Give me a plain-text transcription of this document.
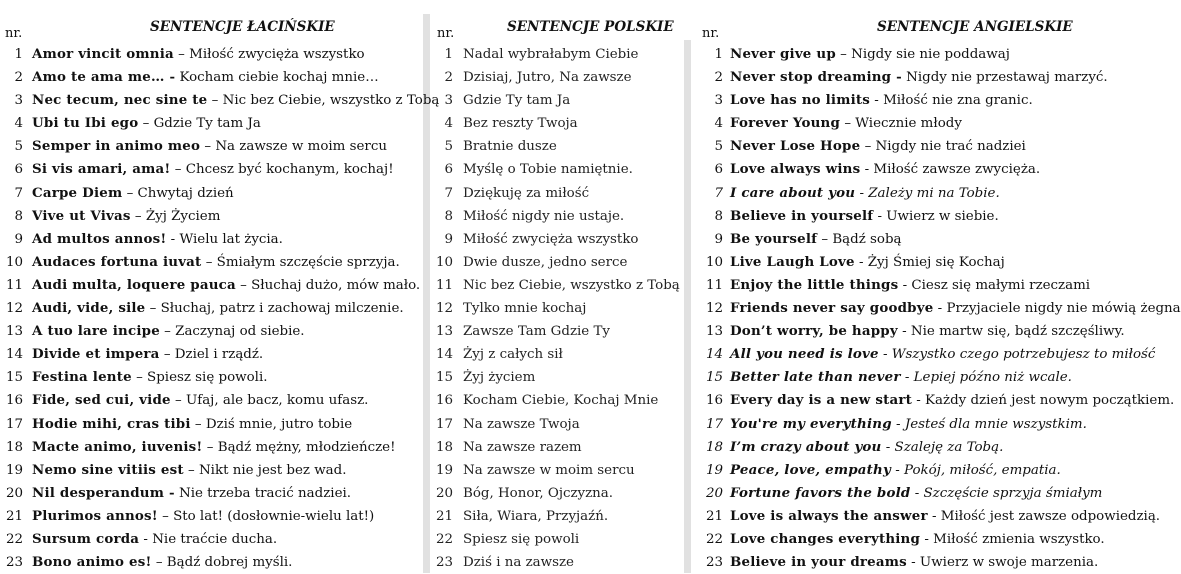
SENTENCJE ŁACIŃSKIE
nr.
1 Amor vincit omnia – Miłość zwycięża wszystko
2 Amo te ama me… - Kocham ciebie kochaj mnie…
3 Nec tecum, nec sine te – Nic bez Ciebie, wszystko z Tobą
4 Ubi tu Ibi ego – Gdzie Ty tam Ja
5 Semper in animo meo – Na zawsze w moim sercu
6 Si vis amari, ama! – Chcesz być kochanym, kochaj!
7 Carpe Diem – Chwytaj dzień
8 Vive ut Vivas – Żyj Życiem
9 Ad multos annos! - Wielu lat życia.
10 Audaces fortuna iuvat – Śmiałym szczęście sprzyja.
11 Audi multa, loquere pauca – Słuchaj dużo, mów mało.
12 Audi, vide, sile – Słuchaj, patrz i zachowaj milczenie.
13 A tuo lare incipe – Zaczynaj od siebie.
14 Divide et impera – Dziel i rządź.
15 Festina lente – Spiesz się powoli.
16 Fide, sed cui, vide – Ufaj, ale bacz, komu ufasz.
17 Hodie mihi, cras tibi – Dziś mnie, jutro tobie
18 Macte animo, iuvenis! – Bądź mężny, młodzieńcze!
19 Nemo sine vitiis est – Nikt nie jest bez wad.
20 Nil desperandum - Nie trzeba tracić nadziei.
21 Plurimos annos! – Sto lat! (dosłownie-wielu lat!)
22 Sursum corda - Nie traćcie ducha.
23 Bono animo es! – Bądź dobrej myśli.
SENTENCJE POLSKIE
nr.
1 Nadal wybrałabym Ciebie
2 Dzisiaj, Jutro, Na zawsze
3 Gdzie Ty tam Ja
4 Bez reszty Twoja
5 Bratnie dusze
6 Myślę o Tobie namiętnie.
7 Dziękuję za miłość
8 Miłość nigdy nie ustaje.
9 Miłość zwycięża wszystko
10 Dwie dusze, jedno serce
11 Nic bez Ciebie, wszystko z Tobą
12 Tylko mnie kochaj
13 Zawsze Tam Gdzie Ty
14 Żyj z całych sił
15 Żyj życiem
16 Kocham Ciebie, Kochaj Mnie
17 Na zawsze Twoja
18 Na zawsze razem
19 Na zawsze w moim sercu
20 Bóg, Honor, Ojczyzna.
21 Siła, Wiara, Przyjaźń.
22 Spiesz się powoli
23 Dziś i na zawsze
SENTENCJE ANGIELSKIE
nr.
1 Never give up – Nigdy sie nie poddawaj
2 Never stop dreaming - Nigdy nie przestawaj marzyć.
3 Love has no limits - Miłość nie zna granic.
4 Forever Young – Wiecznie młody
5 Never Lose Hope – Nigdy nie trać nadziei
6 Love always wins - Miłość zawsze zwycięża.
7 I care about you - Zależy mi na Tobie.
8 Believe in yourself - Uwierz w siebie.
9 Be yourself – Bądź sobą
10 Live Laugh Love - Żyj Śmiej się Kochaj
11 Enjoy the little things - Ciesz się małymi rzeczami
12 Friends never say goodbye - Przyjaciele nigdy nie mówią żegna
13 Don’t worry, be happy - Nie martw się, bądź szczęśliwy.
14 All you need is love - Wszystko czego potrzebujesz to miłość
15 Better late than never - Lepiej późno niż wcale.
16 Every day is a new start - Każdy dzień jest nowym początkiem.
17 You're my everything - Jesteś dla mnie wszystkim.
18 I’m crazy about you - Szaleję za Tobą.
19 Peace, love, empathy - Pokój, miłość, empatia.
20 Fortune favors the bold - Szczęście sprzyja śmiałym
21 Love is always the answer - Miłość jest zawsze odpowiedzią.
22 Love changes everything - Miłość zmienia wszystko.
23 Believe in your dreams - Uwierz w swoje marzenia.
